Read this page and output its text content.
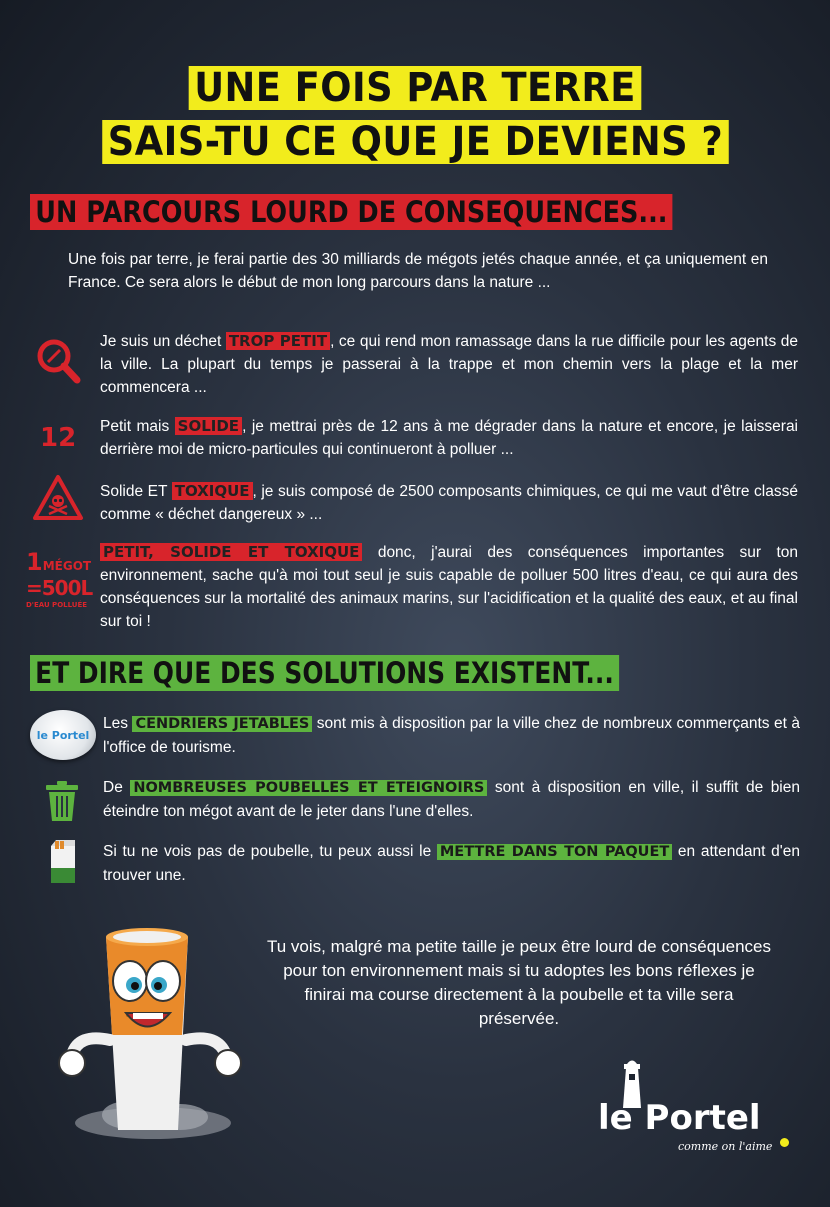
UNE FOIS PAR TERRE
SAIS-TU CE QUE JE DEVIENS ?
UN PARCOURS LOURD DE CONSEQUENCES...
Une fois par terre, je ferai partie des 30 milliards de mégots jetés chaque année, et ça uniquement en France. Ce sera alors le début de mon long parcours dans la nature ...
Je suis un déchet TROP PETIT , ce qui rend mon ramassage dans la rue difficile pour les agents de la ville. La plupart du temps je passerai à la trappe et mon chemin vers la plage et la mer commencera ...
12 Petit mais SOLIDE , je mettrai près de 12 ans à me dégrader dans la nature et encore, je laisserai derrière moi de micro-particules qui continueront à polluer ...
Solide ET TOXIQUE , je suis composé de 2500 composants chimiques, ce qui me vaut d'être classé comme « déchet dangereux » ...
1MÉGOT
=500L
D'EAU POLLUÉE
PETIT, SOLIDE ET TOXIQUE donc, j'aurai des conséquences importantes sur ton environnement, sache qu'à moi tout seul je suis capable de polluer 500 litres d'eau, ce qui aura des conséquences sur la mortalité des animaux marins, sur l'acidification et la qualité des eaux, et au final sur toi !
ET DIRE QUE DES SOLUTIONS EXISTENT...
le Portel
Les CENDRIERS JETABLES sont mis à disposition par la ville chez de nombreux commerçants et à l'office de tourisme.
De NOMBREUSES POUBELLES ET ETEIGNOIRS sont à disposition en ville, il suffit de bien éteindre ton mégot avant de le jeter dans l'une d'elles.
Si tu ne vois pas de poubelle, tu peux aussi le METTRE DANS TON PAQUET en attendant d'en trouver une.
Tu vois, malgré ma petite taille je peux être lourd de conséquences pour ton environnement mais si tu adoptes les bons réflexes je finirai ma course directement à la poubelle et ta ville sera préservée.
le Portel
comme on l'aime
